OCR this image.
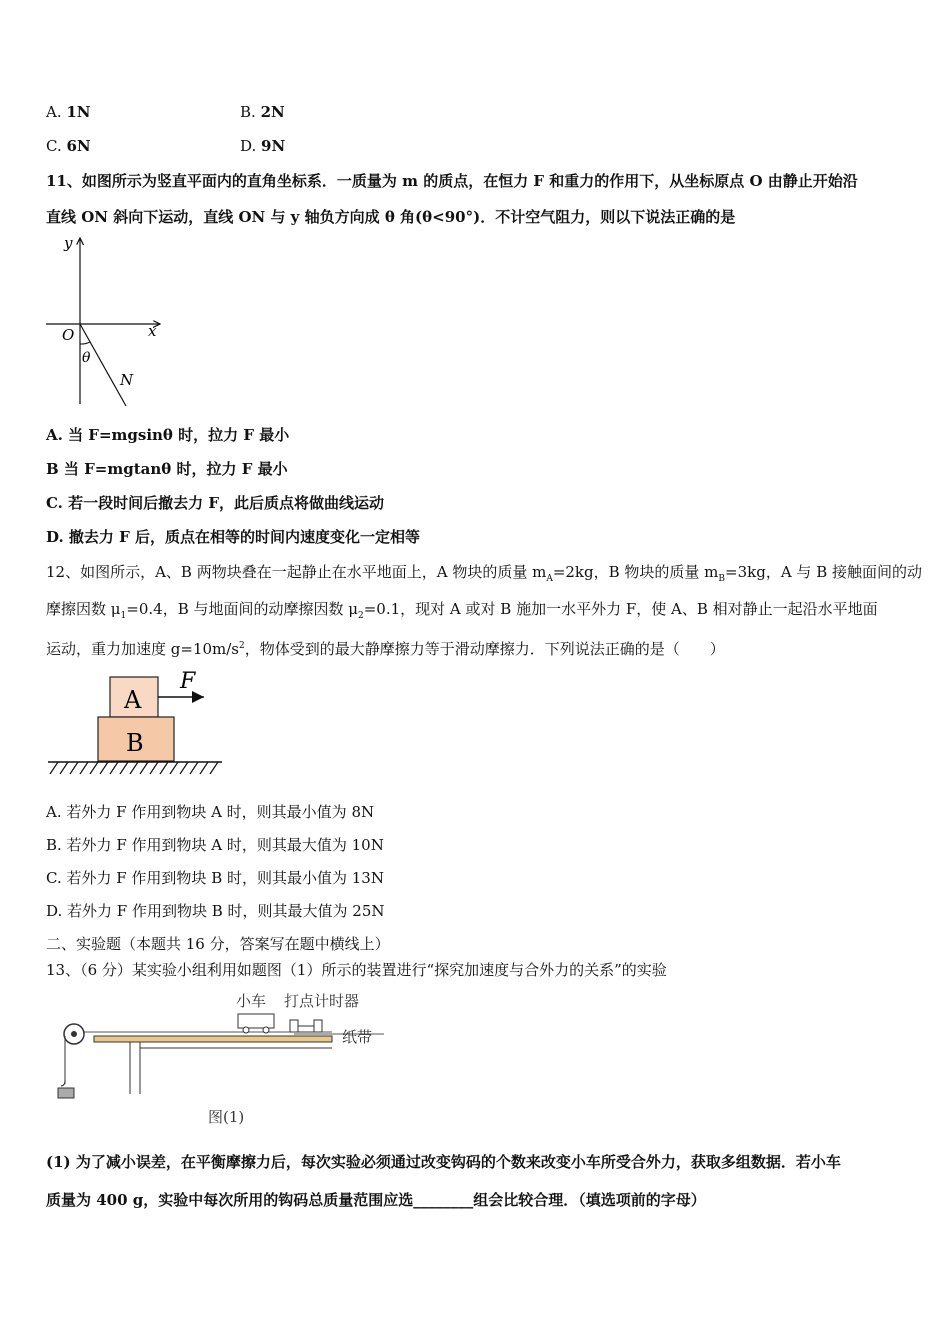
A. 1N	B. 2N
C. 6N	D. 9N
11、如图所示为竖直平面内的直角坐标系．一质量为 m 的质点，在恒力 F 和重力的作用下，从坐标原点 O 由静止开始沿
直线 ON 斜向下运动，直线 ON 与 y 轴负方向成 θ 角(θ<90°)．不计空气阻力，则以下说法正确的是
y
x
O
θ
N
A. 当 F=mgsinθ 时，拉力 F 最小
B 当 F=mgtanθ 时，拉力 F 最小
C. 若一段时间后撤去力 F，此后质点将做曲线运动
D. 撤去力 F 后，质点在相等的时间内速度变化一定相等
12、如图所示，A、B 两物块叠在一起静止在水平地面上，A 物块的质量 $m_A=2kg$，B 物块的质量 $m_B=3kg$，A 与 B 接触面间的动
摩擦因数 $\mu_1=0.4$，B 与地面间的动摩擦因数 $\mu_2=0.1$，现对 A 或对 B 施加一水平外力 F，使 A、B 相对静止一起沿水平地面
运动，重力加速度 $g=10m/s^2$，物体受到的最大静摩擦力等于滑动摩擦力．下列说法正确的是（　　）
A
B
F
A. 若外力 F 作用到物块 A 时，则其最小值为 8N
B. 若外力 F 作用到物块 A 时，则其最大值为 10N
C. 若外力 F 作用到物块 B 时，则其最小值为 13N
D. 若外力 F 作用到物块 B 时，则其最大值为 25N
二、实验题（本题共 16 分，答案写在题中横线上）
13、（6 分）某实验小组利用如题图（1）所示的装置进行“探究加速度与合外力的关系”的实验
小车 打点计时器
纸带
图(1)
(1) 为了减小误差，在平衡摩擦力后，每次实验必须通过改变钩码的个数来改变小车所受合外力，获取多组数据．若小车
质量为 400 g，实验中每次所用的钩码总质量范围应选________组会比较合理．（填选项前的字母）
